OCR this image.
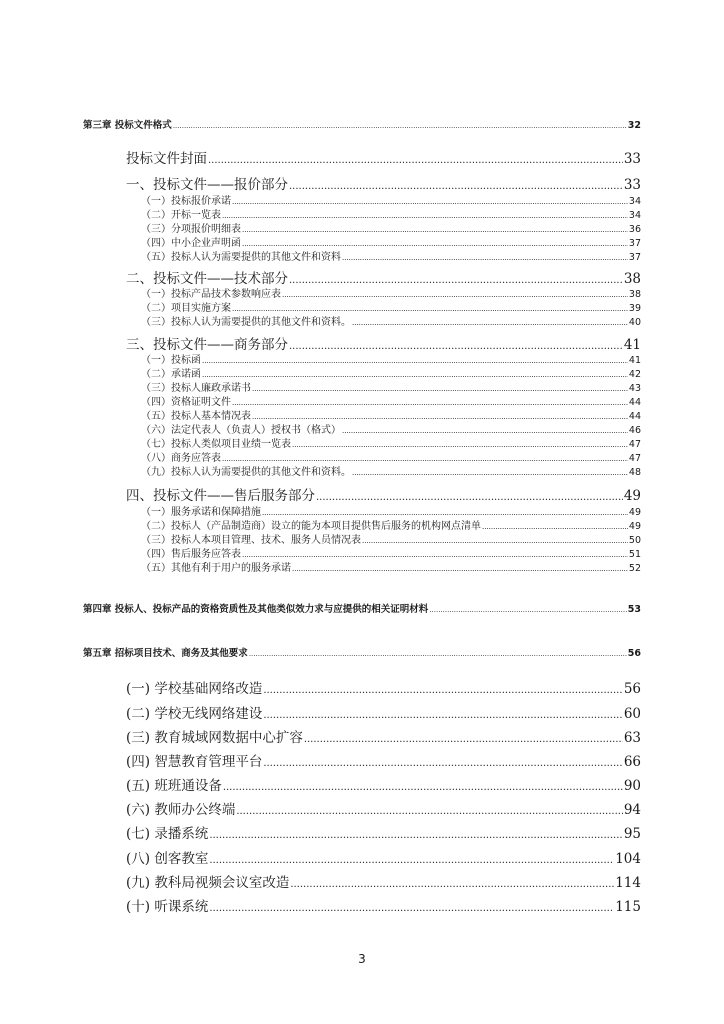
第三章 投标文件格式 .....	32
投标文件封面 .....	33
一、投标文件——报价部分 .....	33
（一）投标报价承诺 .....	34
（二）开标一览表 .....	34
（三）分项报价明细表 .....	36
（四）中小企业声明函 .....	37
（五）投标人认为需要提供的其他文件和资料 .....	37
二、投标文件——技术部分 .....	38
（一）投标产品技术参数响应表 .....	38
（二）项目实施方案 .....	39
（三）投标人认为需要提供的其他文件和资料。 .....	40
三、投标文件——商务部分 .....	41
（一）投标函 .....	41
（二）承诺函 .....	42
（三）投标人廉政承诺书 .....	43
（四）资格证明文件 .....	44
（五）投标人基本情况表 .....	44
（六）法定代表人（负责人）授权书（格式） .....	46
（七）投标人类似项目业绩一览表 .....	47
（八）商务应答表 .....	47
（九）投标人认为需要提供的其他文件和资料。 .....	48
四、投标文件——售后服务部分 .....	49
（一）服务承诺和保障措施 .....	49
（二）投标人（产品制造商）设立的能为本项目提供售后服务的机构网点清单 .....	49
（三）投标人本项目管理、技术、服务人员情况表 .....	50
（四）售后服务应答表 .....	51
（五）其他有利于用户的服务承诺 .....	52
第四章 投标人、投标产品的资格资质性及其他类似效力求与应提供的相关证明材料 .....	53
第五章 招标项目技术、商务及其他要求 .....	56
(一) 学校基础网络改造 .....	56
(二) 学校无线网络建设 .....	60
(三) 教育城域网数据中心扩容 .....	63
(四) 智慧教育管理平台 .....	66
(五) 班班通设备 .....	90
(六) 教师办公终端 .....	94
(七) 录播系统 .....	95
(八) 创客教室 .....	104
(九) 教科局视频会议室改造 .....	114
(十) 听课系统 .....	115
3
